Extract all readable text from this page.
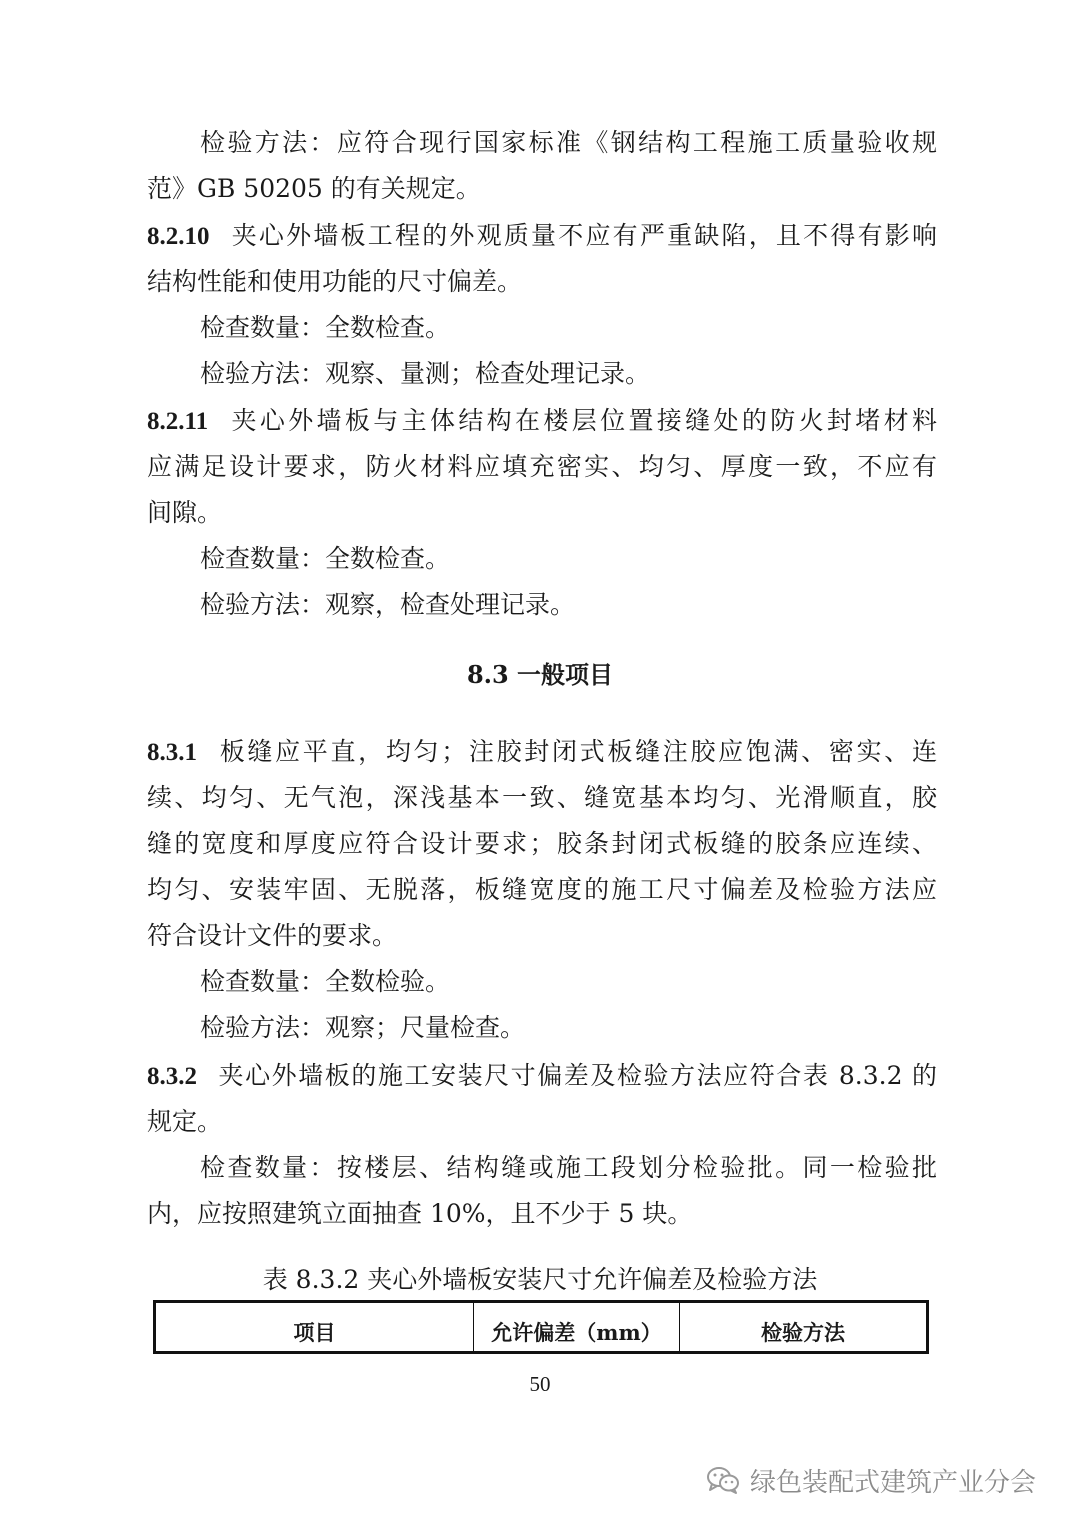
检验方法：应符合现行国家标准《钢结构工程施工质量验收规
范》GB 50205 的有关规定。
8.2.10 夹心外墙板工程的外观质量不应有严重缺陷，且不得有影响
结构性能和使用功能的尺寸偏差。
检查数量：全数检查。
检验方法：观察、量测；检查处理记录。
8.2.11 夹心外墙板与主体结构在楼层位置接缝处的防火封堵材料
应满足设计要求，防火材料应填充密实、均匀、厚度一致，不应有
间隙。
检查数量：全数检查。
检验方法：观察，检查处理记录。
8.3 一般项目
8.3.1 板缝应平直，均匀；注胶封闭式板缝注胶应饱满、密实、连
续、均匀、无气泡，深浅基本一致、缝宽基本均匀、光滑顺直，胶
缝的宽度和厚度应符合设计要求；胶条封闭式板缝的胶条应连续、
均匀、安装牢固、无脱落，板缝宽度的施工尺寸偏差及检验方法应
符合设计文件的要求。
检查数量：全数检验。
检验方法：观察；尺量检查。
8.3.2 夹心外墙板的施工安装尺寸偏差及检验方法应符合表 8.3.2 的
规定。
检查数量：按楼层、结构缝或施工段划分检验批。同一检验批
内，应按照建筑立面抽查 10%，且不少于 5 块。
表 8.3.2 夹心外墙板安装尺寸允许偏差及检验方法
项目	允许偏差（mm）	检验方法
50
绿色装配式建筑产业分会
